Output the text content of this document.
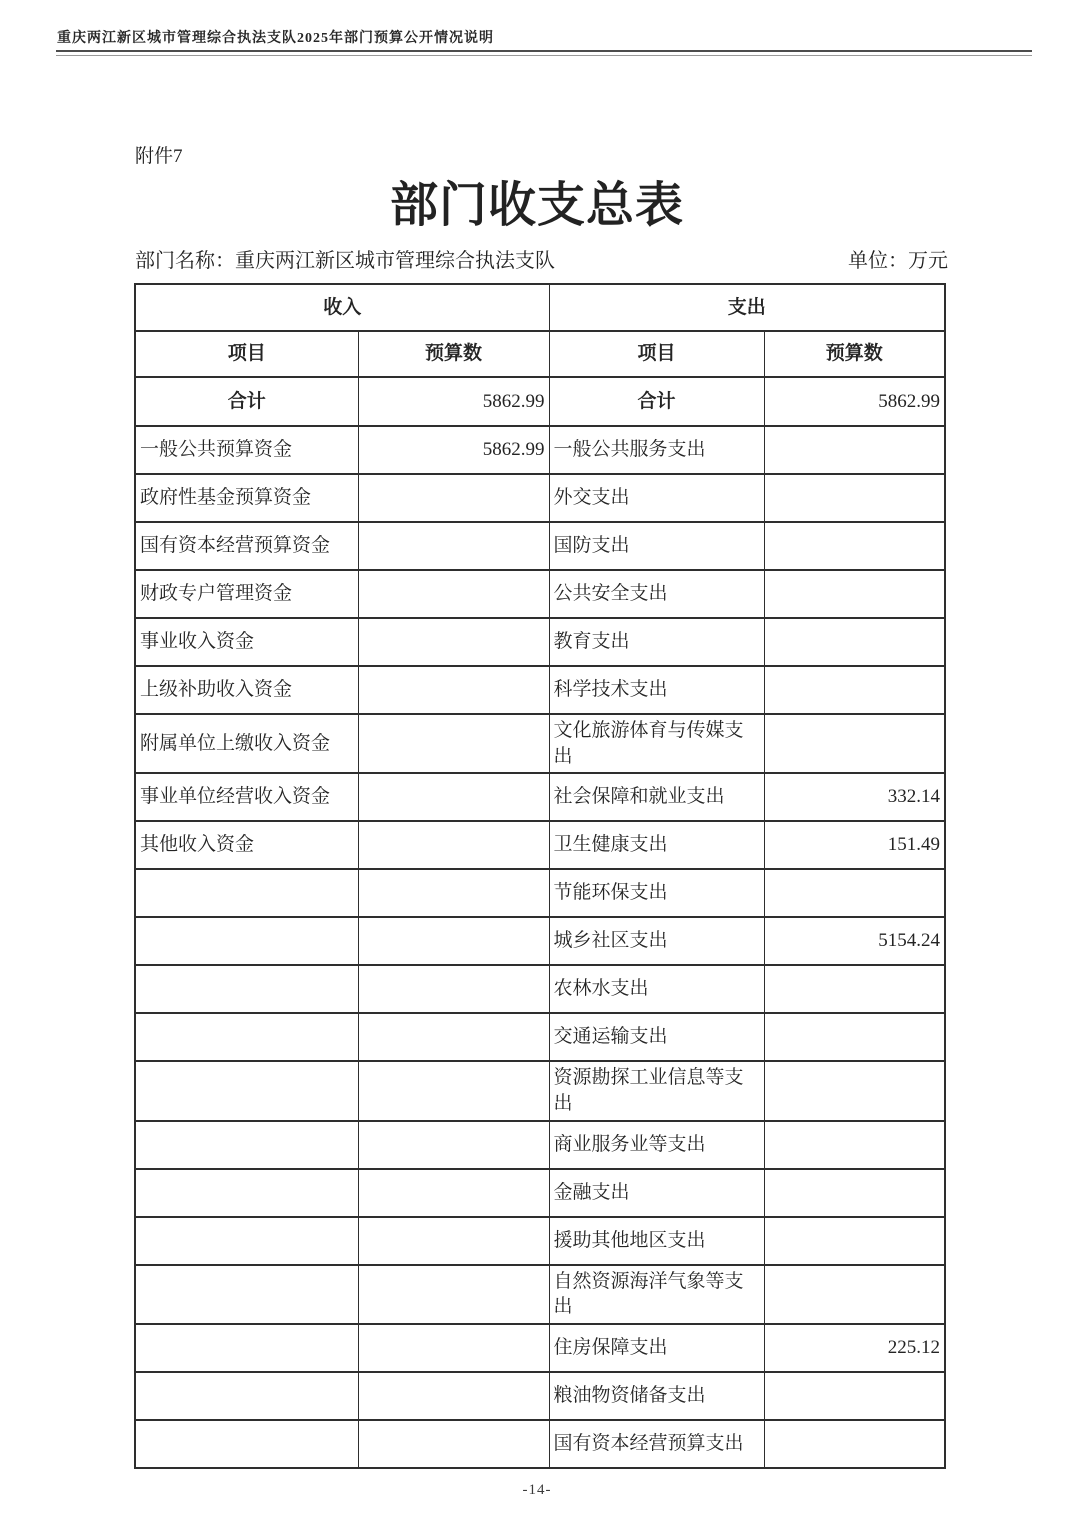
重庆两江新区城市管理综合执法支队2025年部门预算公开情况说明
附件7
部门收支总表
部门名称：重庆两江新区城市管理综合执法支队	单位：万元
收入		支出	
项目	预算数	项目	预算数
合计	5862.99	合计	5862.99
一般公共预算资金	5862.99	一般公共服务支出	
政府性基金预算资金		外交支出	
国有资本经营预算资金		国防支出	
财政专户管理资金		公共安全支出	
事业收入资金		教育支出	
上级补助收入资金		科学技术支出	
附属单位上缴收入资金		文化旅游体育与传媒支出	
事业单位经营收入资金		社会保障和就业支出	332.14
其他收入资金		卫生健康支出	151.49
		节能环保支出	
		城乡社区支出	5154.24
		农林水支出	
		交通运输支出	
		资源勘探工业信息等支出	
		商业服务业等支出	
		金融支出	
		援助其他地区支出	
		自然资源海洋气象等支出	
		住房保障支出	225.12
		粮油物资储备支出	
		国有资本经营预算支出	
-14-
